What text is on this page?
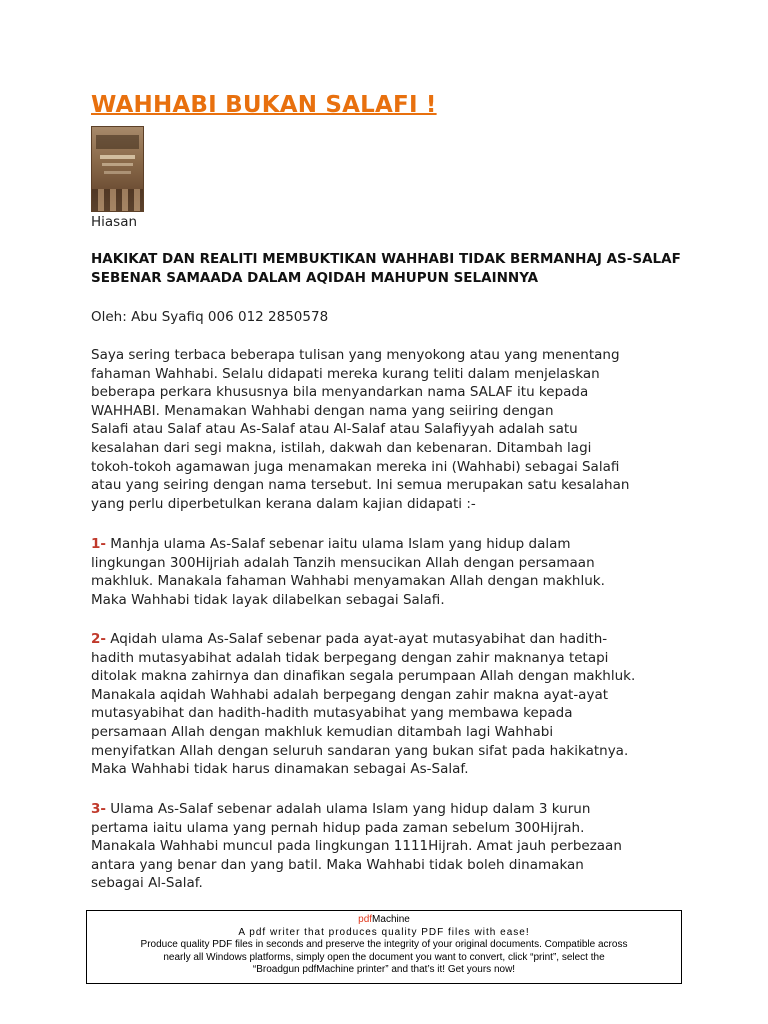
WAHHABI BUKAN SALAFI !
Hiasan
HAKIKAT DAN REALITI MEMBUKTIKAN WAHHABI TIDAK BERMANHAJ AS-SALAF
SEBENAR SAMAADA DALAM AQIDAH MAHUPUN SELAINNYA
Oleh: Abu Syafiq 006 012 2850578
Saya sering terbaca beberapa tulisan yang menyokong atau yang menentang
fahaman Wahhabi. Selalu didapati mereka kurang teliti dalam menjelaskan
beberapa perkara khususnya bila menyandarkan nama SALAF itu kepada
WAHHABI. Menamakan Wahhabi dengan nama yang seiiring dengan
Salafi atau Salaf atau As-Salaf atau Al-Salaf atau Salafiyyah adalah satu
kesalahan dari segi makna, istilah, dakwah dan kebenaran. Ditambah lagi
tokoh-tokoh agamawan juga menamakan mereka ini (Wahhabi) sebagai Salafi
atau yang seiring dengan nama tersebut. Ini semua merupakan satu kesalahan
yang perlu diperbetulkan kerana dalam kajian didapati :-
1- Manhja ulama As-Salaf sebenar iaitu ulama Islam yang hidup dalam
lingkungan 300Hijriah adalah Tanzih mensucikan Allah dengan persamaan
makhluk. Manakala fahaman Wahhabi menyamakan Allah dengan makhluk.
Maka Wahhabi tidak layak dilabelkan sebagai Salafi.
2- Aqidah ulama As-Salaf sebenar pada ayat-ayat mutasyabihat dan hadith-
hadith mutasyabihat adalah tidak berpegang dengan zahir maknanya tetapi
ditolak makna zahirnya dan dinafikan segala perumpaan Allah dengan makhluk.
Manakala aqidah Wahhabi adalah berpegang dengan zahir makna ayat-ayat
mutasyabihat dan hadith-hadith mutasyabihat yang membawa kepada
persamaan Allah dengan makhluk kemudian ditambah lagi Wahhabi
menyifatkan Allah dengan seluruh sandaran yang bukan sifat pada hakikatnya.
Maka Wahhabi tidak harus dinamakan sebagai As-Salaf.
3- Ulama As-Salaf sebenar adalah ulama Islam yang hidup dalam 3 kurun
pertama iaitu ulama yang pernah hidup pada zaman sebelum 300Hijrah.
Manakala Wahhabi muncul pada lingkungan 1111Hijrah. Amat jauh perbezaan
antara yang benar dan yang batil. Maka Wahhabi tidak boleh dinamakan
sebagai Al-Salaf.
pdfMachine
A pdf writer that produces quality PDF files with ease!
Produce quality PDF files in seconds and preserve the integrity of your original documents. Compatible across
nearly all Windows platforms, simply open the document you want to convert, click “print”, select the
“Broadgun pdfMachine printer” and that’s it! Get yours now!
